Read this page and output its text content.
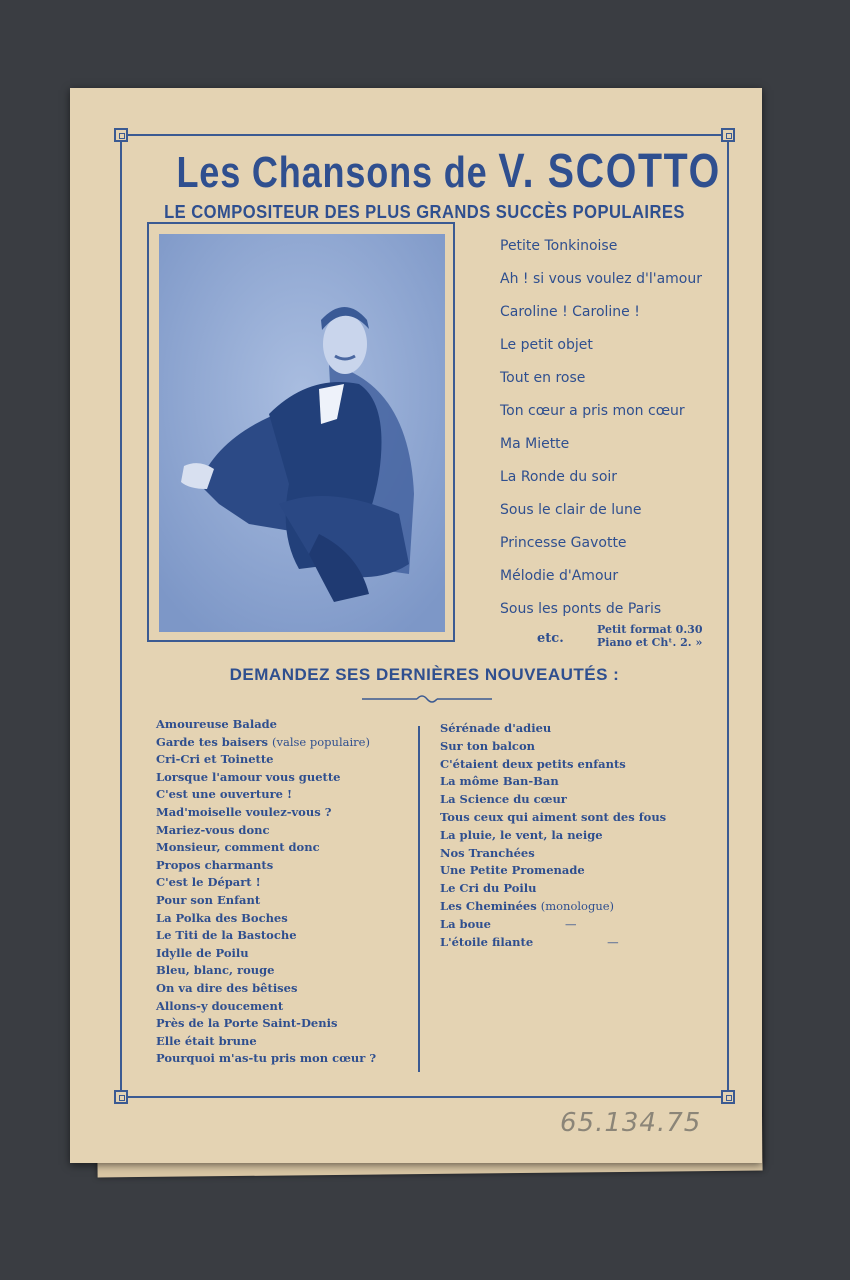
Les Chansons de V. SCOTTO
LE COMPOSITEUR DES PLUS GRANDS SUCCÈS POPULAIRES
Petite Tonkinoise
Ah ! si vous voulez d'l'amour
Caroline ! Caroline !
Le petit objet
Tout en rose
Ton cœur a pris mon cœur
Ma Miette
La Ronde du soir
Sous le clair de lune
Princesse Gavotte
Mélodie d'Amour
Sous les ponts de Paris
etc.
Petit format 0.30
Piano et Chᵗ. 2. »
DEMANDEZ SES DERNIÈRES NOUVEAUTÉS :
Amoureuse Balade
Garde tes baisers (valse populaire)
Cri-Cri et Toinette
Lorsque l'amour vous guette
C'est une ouverture !
Mad'moiselle voulez-vous ?
Mariez-vous donc
Monsieur, comment donc
Propos charmants
C'est le Départ !
Pour son Enfant
La Polka des Boches
Le Titi de la Bastoche
Idylle de Poilu
Bleu, blanc, rouge
On va dire des bêtises
Allons-y doucement
Près de la Porte Saint-Denis
Elle était brune
Pourquoi m'as-tu pris mon cœur ?
Sérénade d'adieu
Sur ton balcon
C'étaient deux petits enfants
La môme Ban-Ban
La Science du cœur
Tous ceux qui aiment sont des fous
La pluie, le vent, la neige
Nos Tranchées
Une Petite Promenade
Le Cri du Poilu
Les Cheminées (monologue)
La boue	—
L'étoile filante	—
65.134.75
